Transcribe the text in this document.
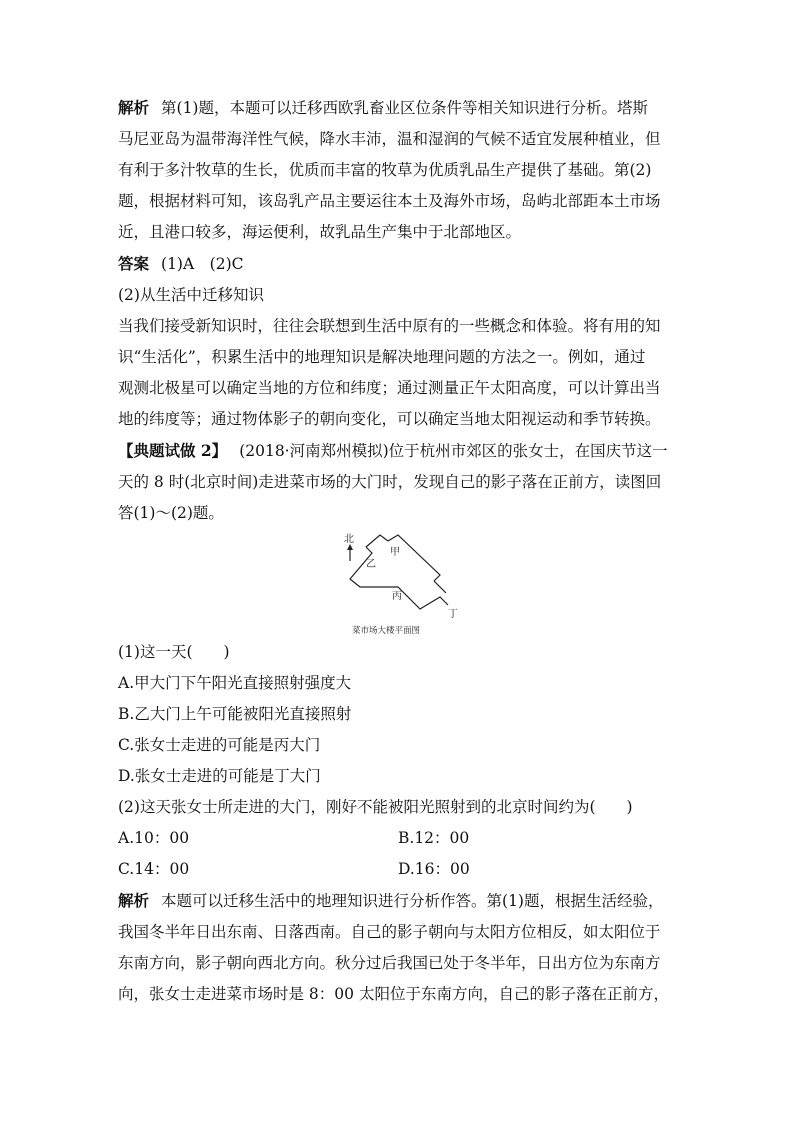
解析 第(1)题，本题可以迁移西欧乳畜业区位条件等相关知识进行分析。塔斯
马尼亚岛为温带海洋性气候，降水丰沛，温和湿润的气候不适宜发展种植业，但
有利于多汁牧草的生长，优质而丰富的牧草为优质乳品生产提供了基础。第(2)
题，根据材料可知，该岛乳产品主要运往本土及海外市场，岛屿北部距本土市场
近，且港口较多，海运便利，故乳品生产集中于北部地区。
答案 (1)A　(2)C
(2)从生活中迁移知识
当我们接受新知识时，往往会联想到生活中原有的一些概念和体验。将有用的知
识“生活化”，积累生活中的地理知识是解决地理问题的方法之一。例如，通过
观测北极星可以确定当地的方位和纬度；通过测量正午太阳高度，可以计算出当
地的纬度等；通过物体影子的朝向变化，可以确定当地太阳视运动和季节转换。
【典题试做 2】 (2018·河南郑州模拟)位于杭州市郊区的张女士，在国庆节这一
天的 8 时(北京时间)走进菜市场的大门时，发现自己的影子落在正前方，读图回
答(1)～(2)题。
北
甲
乙
丙
丁
菜市场大楼平面图
(1)这一天(　　)
A.甲大门下午阳光直接照射强度大
B.乙大门上午可能被阳光直接照射
C.张女士走进的可能是丙大门
D.张女士走进的可能是丁大门
(2)这天张女士所走进的大门，刚好不能被阳光照射到的北京时间约为(　　)
A.10：00	B.12：00
C.14：00	D.16：00
解析 本题可以迁移生活中的地理知识进行分析作答。第(1)题，根据生活经验，
我国冬半年日出东南、日落西南。自己的影子朝向与太阳方位相反，如太阳位于
东南方向，影子朝向西北方向。秋分过后我国已处于冬半年，日出方位为东南方
向，张女士走进菜市场时是 8：00 太阳位于东南方向，自己的影子落在正前方，
